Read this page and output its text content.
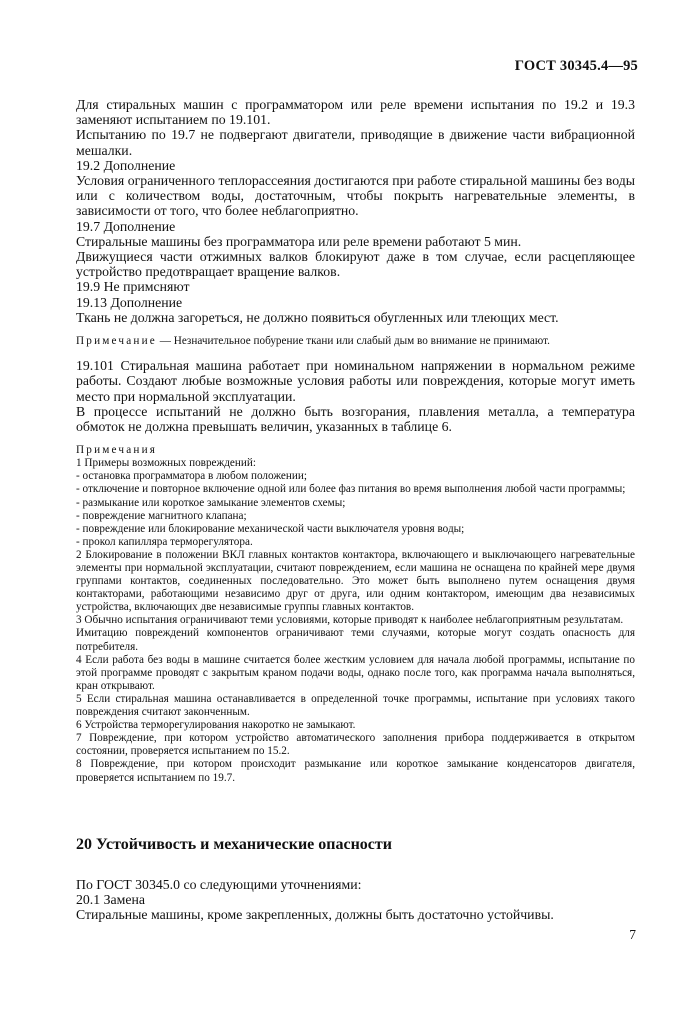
ГОСТ 30345.4—95

Для стиральных машин с программатором или реле времени испытания по 19.2 и 19.3 заменяют испытанием по 19.101.

Испытанию по 19.7 не подвергают двигатели, приводящие в движение части вибрационной мешалки.

19.2 Дополнение

Условия ограниченного теплорассеяния достигаются при работе стиральной машины без воды или с количеством воды, достаточным, чтобы покрыть нагревательные элементы, в зависимости от того, что более неблагоприятно.

19.7 Дополнение

Стиральные машины без программатора или реле времени работают 5 мин.

Движущиеся части отжимных валков блокируют даже в том случае, если расцепляющее устройство предотвращает вращение валков.

19.9 Не примсняют

19.13 Дополнение

Ткань не должна загореться, не должно появиться обугленных или тлеющих мест.

Примечание — Незначительное побурение ткани или слабый дым во внимание не принимают.

19.101 Стиральная машина работает при номинальном напряжении в нормальном режиме работы. Создают любые возможные условия работы или повреждения, которые могут иметь место при нормальной эксплуатации.

В процессе испытаний не должно быть возгорания, плавления металла, а температура обмоток не должна превышать величин, указанных в таблице 6.

Примечания

1 Примеры возможных повреждений:

- остановка программатора в любом положении;

- отключение и повторное включение одной или более фаз питания во время выполнения любой части программы;

- размыкание или короткое замыкание элементов схемы;

- повреждение магнитного клапана;

- повреждение или блокирование механической части выключателя уровня воды;

- прокол капилляра терморегулятора.

2 Блокирование в положении ВКЛ главных контактов контактора, включающего и выключающего нагревательные элементы при нормальной эксплуатации, считают повреждением, если машина не оснащена по крайней мере двумя группами контактов, соединенных последовательно. Это может быть выполнено путем оснащения двумя контакторами, работающими независимо друг от друга, или одним контактором, имеющим два независимых устройства, включающих две независимые группы главных контактов.

3 Обычно испытания ограничивают теми условиями, которые приводят к наиболее неблагоприятным результатам.

Имитацию повреждений компонентов ограничивают теми случаями, которые могут создать опасность для потребителя.

4 Если работа без воды в машине считается более жестким условием для начала любой программы, испытание по этой программе проводят с закрытым краном подачи воды, однако после того, как программа начала выполняться, кран открывают.

5 Если стиральная машина останавливается в определенной точке программы, испытание при условиях такого повреждения считают законченным.

6 Устройства терморегулирования накоротко не замыкают.

7 Повреждение, при котором устройство автоматического заполнения прибора поддерживается в открытом состоянии, проверяется испытанием по 15.2.

8 Повреждение, при котором происходит размыкание или короткое замыкание конденсаторов двигателя, проверяется испытанием по 19.7.

20 Устойчивость и механические опасности

По ГОСТ 30345.0 со следующими уточнениями:

20.1 Замена

Стиральные машины, кроме закрепленных, должны быть достаточно устойчивы.

7
